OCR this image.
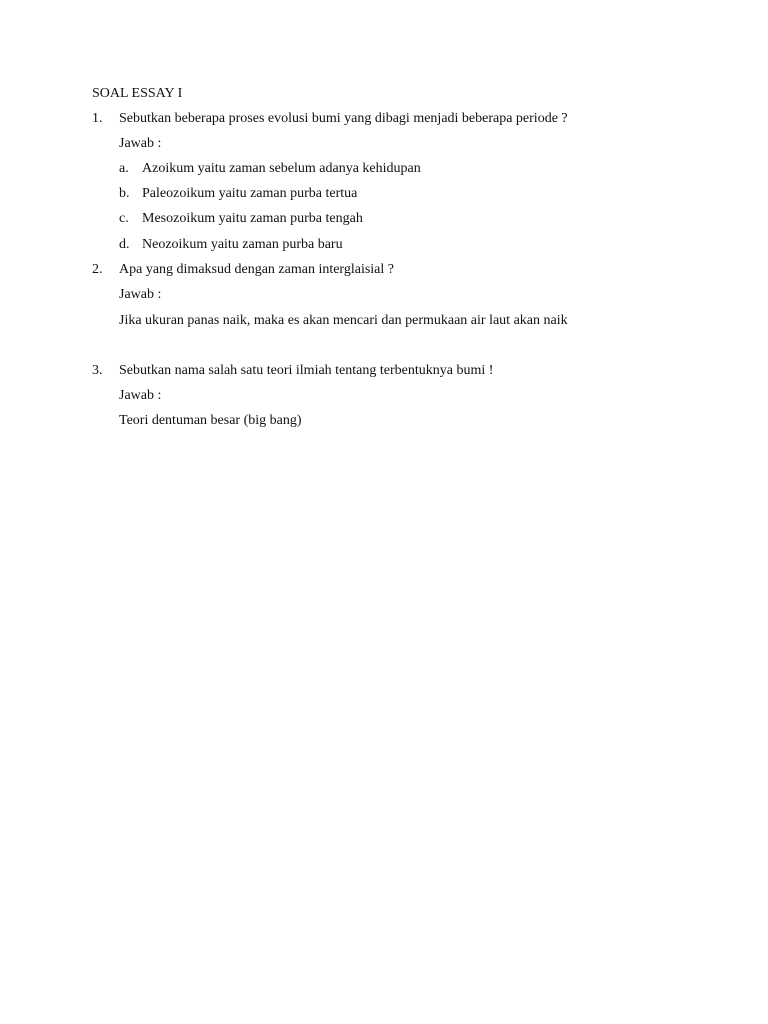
SOAL ESSAY I
1. Sebutkan beberapa proses evolusi bumi yang dibagi menjadi beberapa periode ?
Jawab :
a. Azoikum yaitu zaman sebelum adanya kehidupan
b. Paleozoikum yaitu zaman purba tertua
c. Mesozoikum yaitu zaman purba tengah
d. Neozoikum yaitu zaman purba baru
2. Apa yang dimaksud dengan zaman interglaisial ?
Jawab :
Jika ukuran panas naik, maka es akan mencari dan permukaan air laut akan naik
3. Sebutkan nama salah satu teori ilmiah tentang terbentuknya bumi !
Jawab :
Teori dentuman besar (big bang)
